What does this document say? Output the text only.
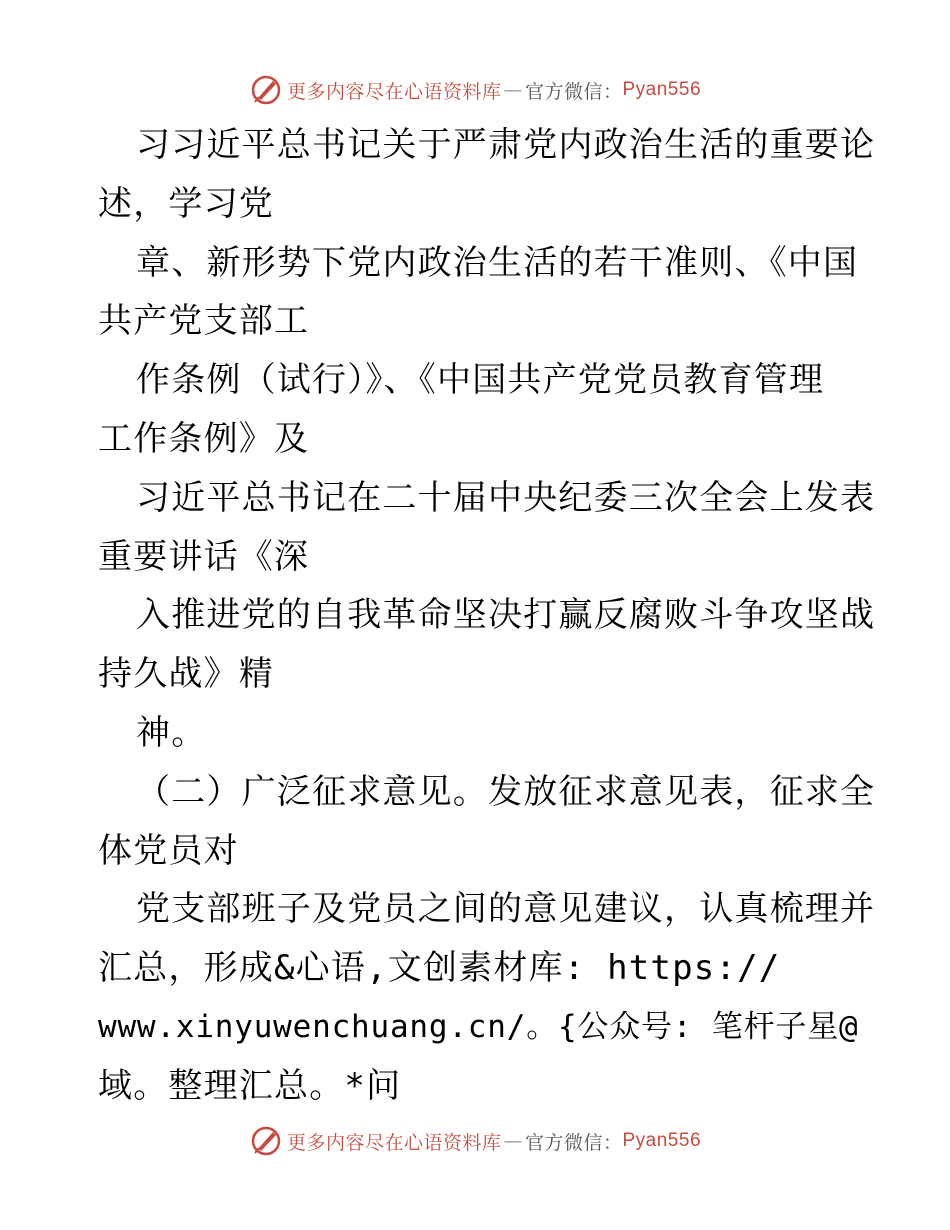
更多内容尽在心语资料库 — 官方微信： Pyan556
习习近平总书记关于严肃党内政治生活的重要论
述，学习党
章、新形势下党内政治生活的若干准则、《中国
共产党支部工
作条例（试行）》、《中国共产党党员教育管理
工作条例》及
习近平总书记在二十届中央纪委三次全会上发表
重要讲话《深
入推进党的自我革命坚决打赢反腐败斗争攻坚战
持久战》精
神。
（二）广泛征求意见。发放征求意见表，征求全
体党员对
党支部班子及党员之间的意见建议，认真梳理并
汇总，形成&心语,文创素材库: https://
www.xinyuwenchuang.cn/。{公众号: 笔杆子星@
域。整理汇总。*问
更多内容尽在心语资料库 — 官方微信： Pyan556
